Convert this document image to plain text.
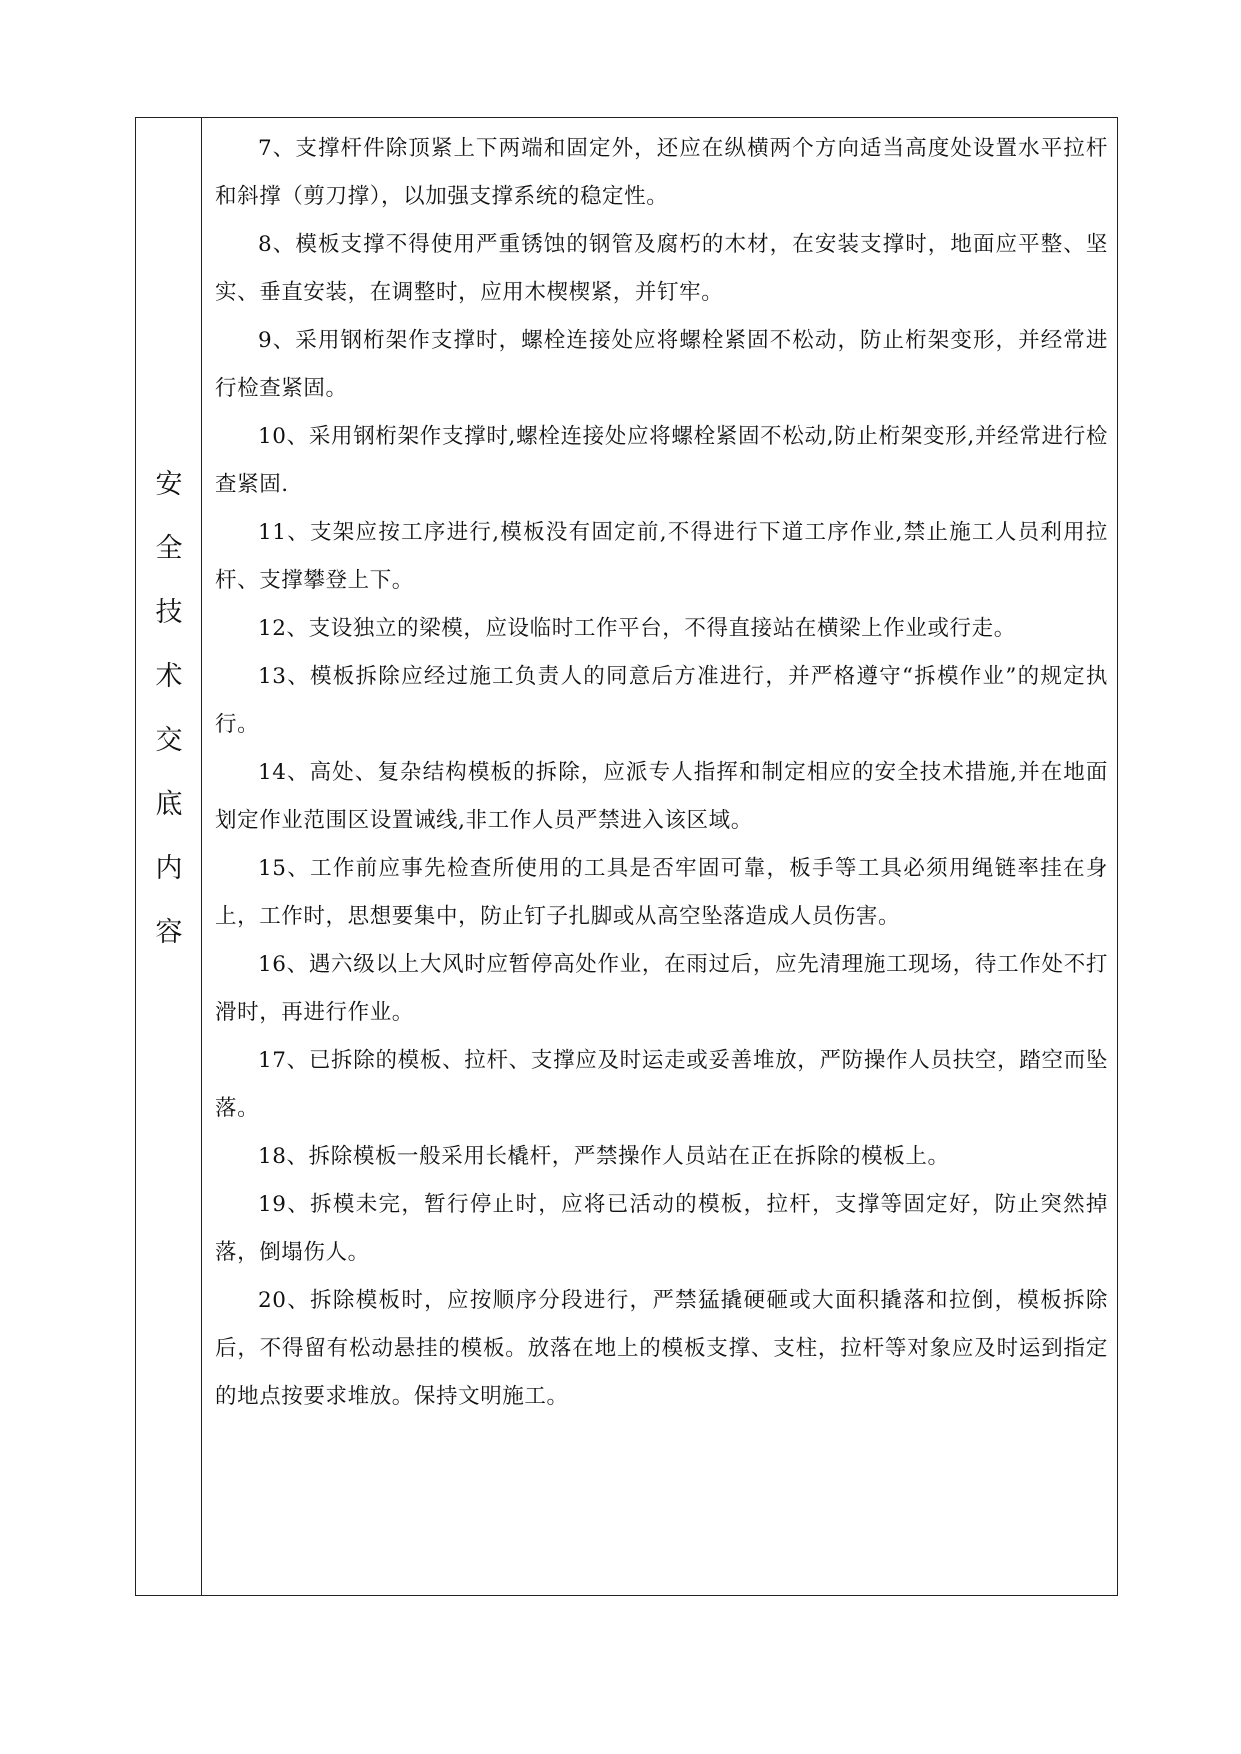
安
全
技
术
交
底
内
容

7、支撑杆件除顶紧上下两端和固定外，还应在纵横两个方向适当高度处设置水平拉杆和斜撑（剪刀撑），以加强支撑系统的稳定性。

8、模板支撑不得使用严重锈蚀的钢管及腐朽的木材，在安装支撑时，地面应平整、坚实、垂直安装，在调整时，应用木楔楔紧，并钉牢。

9、采用钢桁架作支撑时，螺栓连接处应将螺栓紧固不松动，防止桁架变形，并经常进行检查紧固。

10、采用钢桁架作支撑时,螺栓连接处应将螺栓紧固不松动,防止桁架变形,并经常进行检查紧固.

11、支架应按工序进行,模板没有固定前,不得进行下道工序作业,禁止施工人员利用拉杆、支撑攀登上下。

12、支设独立的梁模，应设临时工作平台，不得直接站在横梁上作业或行走。

13、模板拆除应经过施工负责人的同意后方准进行，并严格遵守“拆模作业”的规定执行。

14、高处、复杂结构模板的拆除，应派专人指挥和制定相应的安全技术措施,并在地面划定作业范围区设置诫线,非工作人员严禁进入该区域。

15、工作前应事先检查所使用的工具是否牢固可靠，板手等工具必须用绳链率挂在身上，工作时，思想要集中，防止钉子扎脚或从高空坠落造成人员伤害。

16、遇六级以上大风时应暂停高处作业，在雨过后，应先清理施工现场，待工作处不打滑时，再进行作业。

17、已拆除的模板、拉杆、支撑应及时运走或妥善堆放，严防操作人员扶空，踏空而坠落。

18、拆除模板一般采用长橇杆，严禁操作人员站在正在拆除的模板上。

19、拆模未完，暂行停止时，应将已活动的模板，拉杆，支撑等固定好，防止突然掉落，倒塌伤人。

20、拆除模板时，应按顺序分段进行，严禁猛撬硬砸或大面积撬落和拉倒，模板拆除后，不得留有松动悬挂的模板。放落在地上的模板支撑、支柱，拉杆等对象应及时运到指定的地点按要求堆放。保持文明施工。
